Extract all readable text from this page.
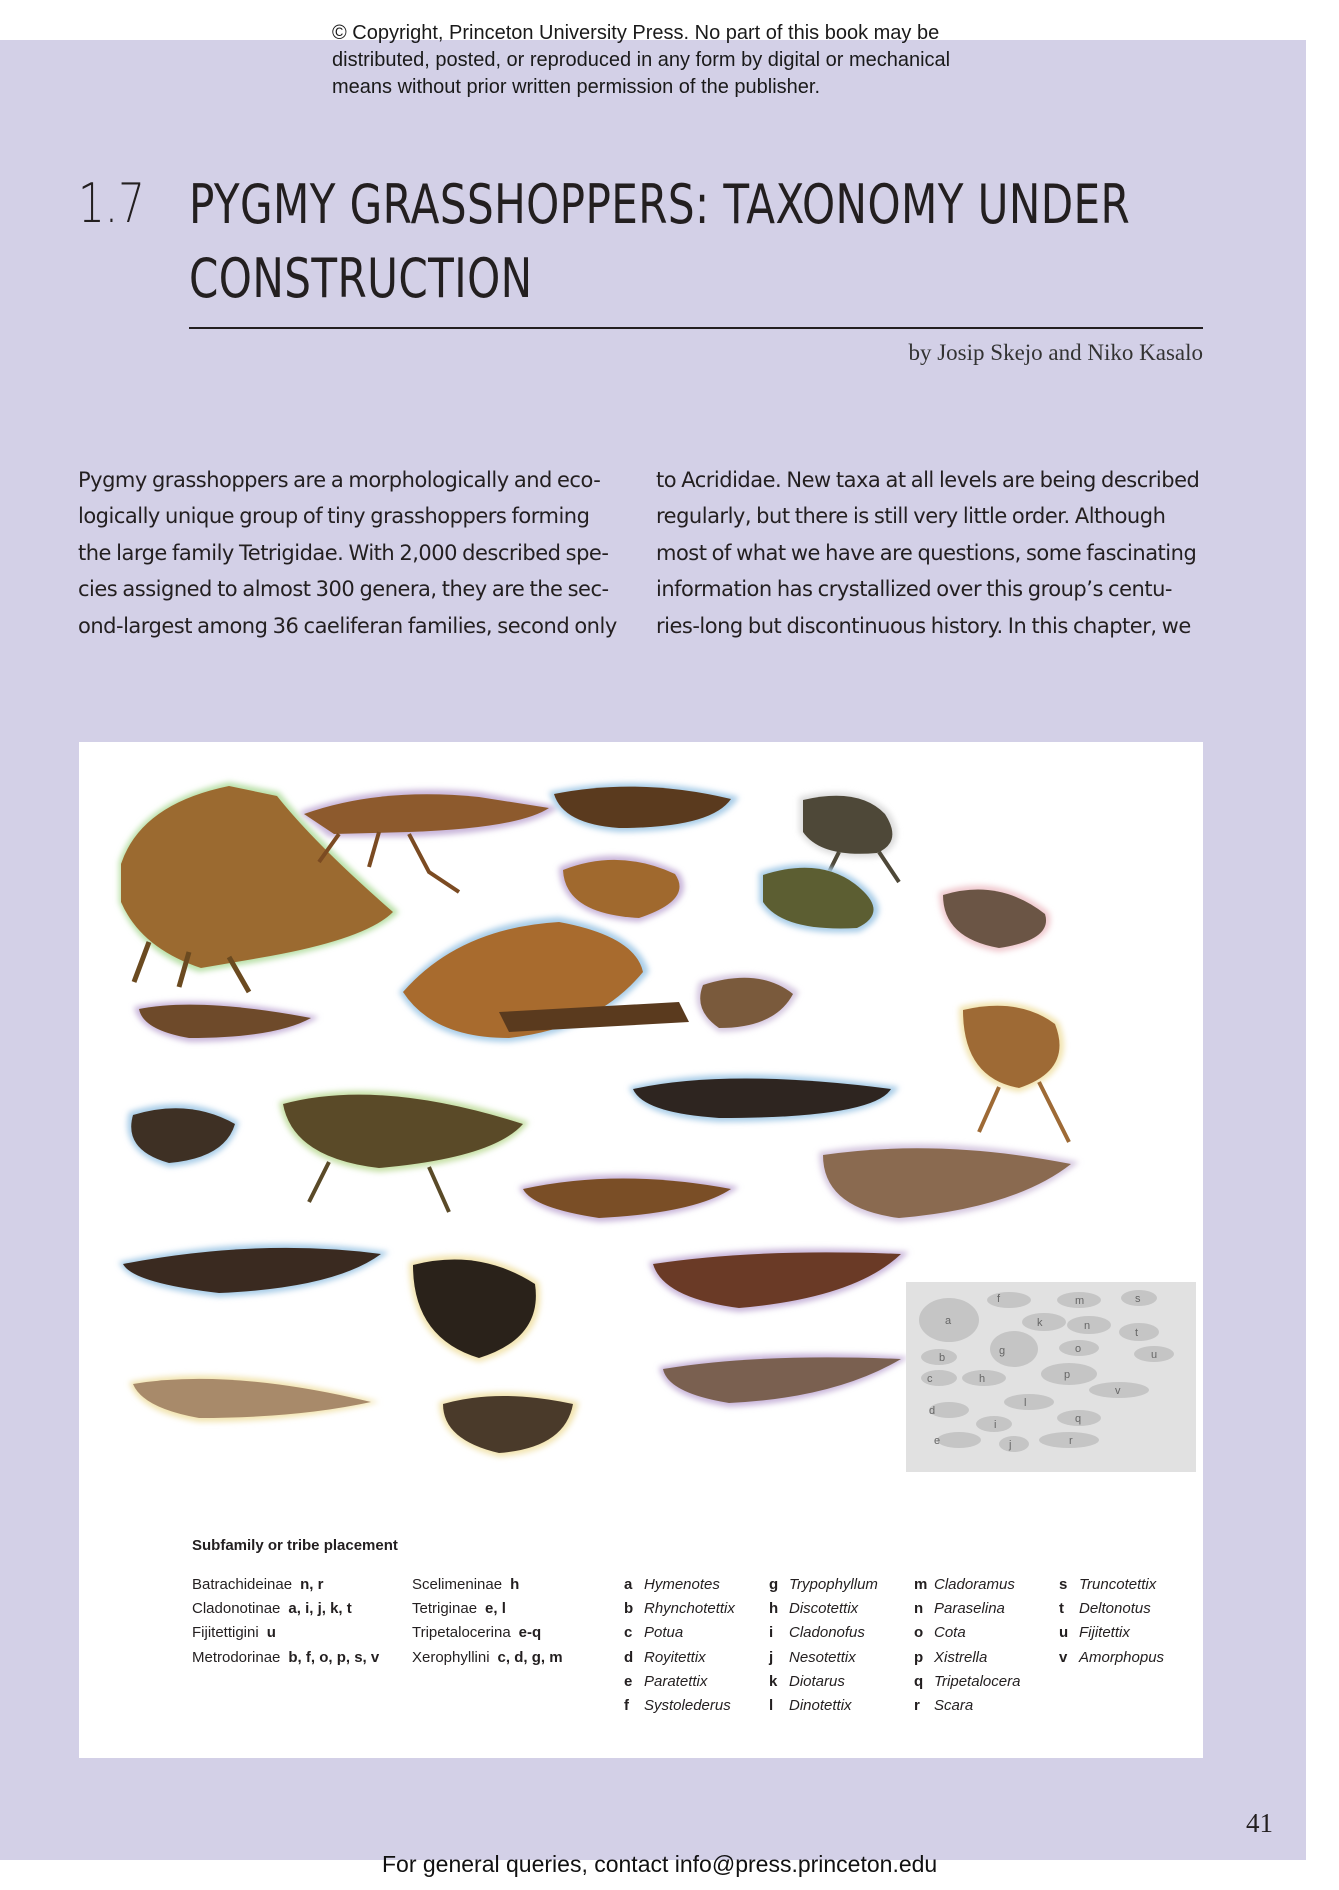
© Copyright, Princeton University Press. No part of this book may be
distributed, posted, or reproduced in any form by digital or mechanical
means without prior written permission of the publisher.
1.7 PYGMY GRASSHOPPERS: TAXONOMY UNDER
CONSTRUCTION
by Josip Skejo and Niko Kasalo
Pygmy grasshoppers are a morphologically and eco-
logically unique group of tiny grasshoppers forming
the large family Tetrigidae. With 2,000 described spe-
cies assigned to almost 300 genera, they are the sec-
ond-largest among 36 caeliferan families, second only
to Acrididae. New taxa at all levels are being described
regularly, but there is still very little order. Although
most of what we have are questions, some fascinating
information has crystallized over this group’s centu-
ries-long but discontinuous history. In this chapter, we
a
b
c
d
e
f
g
h
i
j
k
l
m
n
o
p
q
r
s
t
u
v
Subfamily or tribe placement
Batrachideinae n, r
Cladonotinae a, i, j, k, t
Fijitettigini u
Metrodorinae b, f, o, p, s, v
Scelimeninae h
Tetriginae e, l
Tripetalocerina e-q
Xerophyllini c, d, g, m
a Hymenotes
b Rhynchotettix
c Potua
d Royitettix
e Paratettix
f Systolederus
g Trypophyllum
h Discotettix
i Cladonofus
j Nesotettix
k Diotarus
l Dinotettix
m Cladoramus
n Paraselina
o Cota
p Xistrella
q Tripetalocera
r Scara
s Truncotettix
t Deltonotus
u Fijitettix
v Amorphopus
41
For general queries, contact info@press.princeton.edu
